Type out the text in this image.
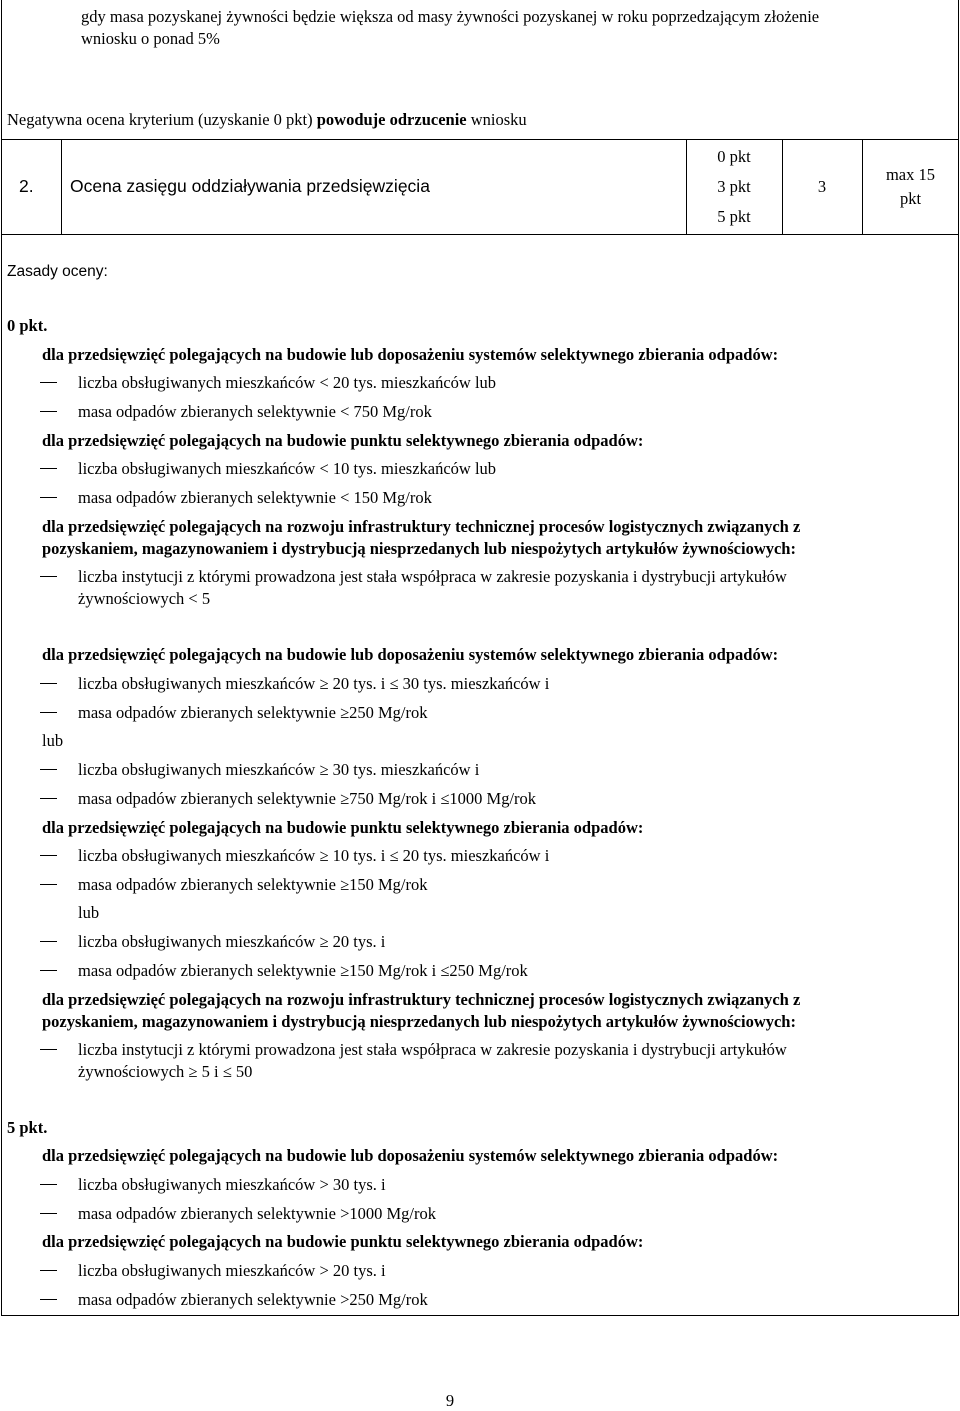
gdy masa pozyskanej żywności będzie większa od masy żywności pozyskanej w roku poprzedzającym złożenie
wniosku o ponad 5%
Negatywna ocena kryterium (uzyskanie 0 pkt) powoduje odrzucenie wniosku
2. Ocena zasięgu oddziaływania przedsięwzięcia
0 pkt
3 pkt
5 pkt
3
max 15
pkt
Zasady oceny:
0 pkt.
dla przedsięwzięć polegających na budowie lub doposażeniu systemów selektywnego zbierania odpadów:
liczba obsługiwanych mieszkańców < 20 tys. mieszkańców lub
masa odpadów zbieranych selektywnie < 750 Mg/rok
dla przedsięwzięć polegających na budowie punktu selektywnego zbierania odpadów:
liczba obsługiwanych mieszkańców < 10 tys. mieszkańców lub
masa odpadów zbieranych selektywnie < 150 Mg/rok
dla przedsięwzięć polegających na rozwoju infrastruktury technicznej procesów logistycznych związanych z
pozyskaniem, magazynowaniem i dystrybucją niesprzedanych lub niespożytych artykułów żywnościowych:
liczba instytucji z którymi prowadzona jest stała współpraca w zakresie pozyskania i dystrybucji artykułów
żywnościowych < 5
dla przedsięwzięć polegających na budowie lub doposażeniu systemów selektywnego zbierania odpadów:
liczba obsługiwanych mieszkańców ≥ 20 tys. i ≤ 30 tys. mieszkańców i
masa odpadów zbieranych selektywnie ≥250 Mg/rok
lub
liczba obsługiwanych mieszkańców ≥ 30 tys. mieszkańców i
masa odpadów zbieranych selektywnie ≥750 Mg/rok i ≤1000 Mg/rok
dla przedsięwzięć polegających na budowie punktu selektywnego zbierania odpadów:
liczba obsługiwanych mieszkańców ≥ 10 tys. i ≤ 20 tys. mieszkańców i
masa odpadów zbieranych selektywnie ≥150 Mg/rok
lub
liczba obsługiwanych mieszkańców ≥ 20 tys. i
masa odpadów zbieranych selektywnie ≥150 Mg/rok i ≤250 Mg/rok
dla przedsięwzięć polegających na rozwoju infrastruktury technicznej procesów logistycznych związanych z
pozyskaniem, magazynowaniem i dystrybucją niesprzedanych lub niespożytych artykułów żywnościowych:
liczba instytucji z którymi prowadzona jest stała współpraca w zakresie pozyskania i dystrybucji artykułów
żywnościowych ≥ 5 i ≤ 50
5 pkt.
dla przedsięwzięć polegających na budowie lub doposażeniu systemów selektywnego zbierania odpadów:
liczba obsługiwanych mieszkańców > 30 tys. i
masa odpadów zbieranych selektywnie >1000 Mg/rok
dla przedsięwzięć polegających na budowie punktu selektywnego zbierania odpadów:
liczba obsługiwanych mieszkańców > 20 tys. i
masa odpadów zbieranych selektywnie >250 Mg/rok
9
